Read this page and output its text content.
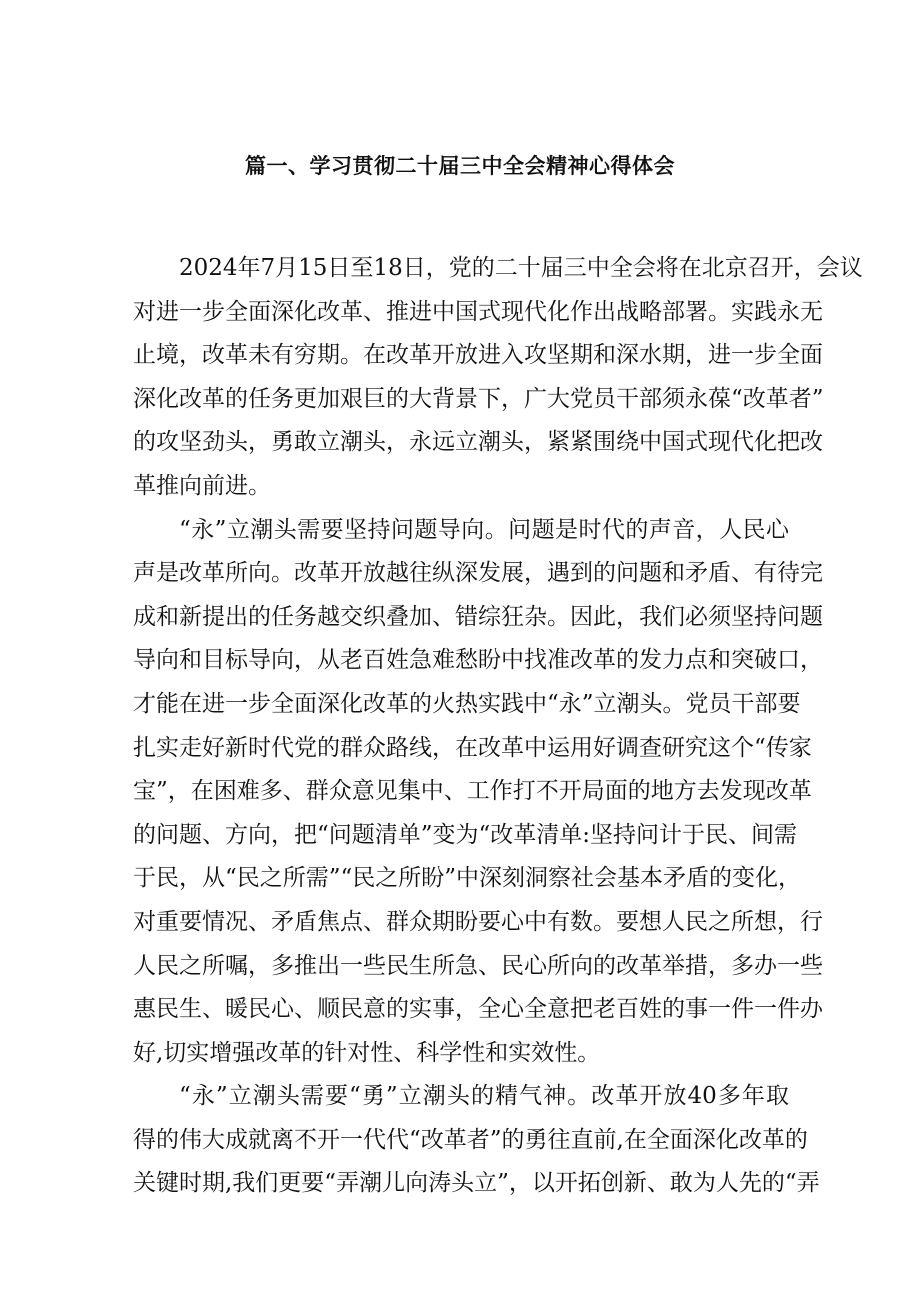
篇一、学习贯彻二十届三中全会精神心得体会
2024年7月15日至18日，党的二十届三中全会将在北京召开，会议
对进一步全面深化改革、推进中国式现代化作出战略部署。实践永无
止境，改革未有穷期。在改革开放进入攻坚期和深水期，进一步全面
深化改革的任务更加艰巨的大背景下，广大党员干部须永葆“改革者”
的攻坚劲头，勇敢立潮头，永远立潮头，紧紧围绕中国式现代化把改
革推向前进。
“永”立潮头需要坚持问题导向。问题是时代的声音，人民心
声是改革所向。改革开放越往纵深发展，遇到的问题和矛盾、有待完
成和新提出的任务越交织叠加、错综狂杂。因此，我们必须坚持问题
导向和目标导向，从老百姓急难愁盼中找准改革的发力点和突破口，
才能在进一步全面深化改革的火热实践中“永”立潮头。党员干部要
扎实走好新时代党的群众路线，在改革中运用好调查研究这个“传家
宝”，在困难多、群众意见集中、工作打不开局面的地方去发现改革
的问题、方向，把“问题清单”变为“改革清单:坚持问计于民、间需
于民，从“民之所需”“民之所盼”中深刻洞察社会基本矛盾的变化，
对重要情况、矛盾焦点、群众期盼要心中有数。要想人民之所想，行
人民之所嘱，多推出一些民生所急、民心所向的改革举措，多办一些
惠民生、暖民心、顺民意的实事，全心全意把老百姓的事一件一件办
好,切实增强改革的针对性、科学性和实效性。
“永”立潮头需要“勇”立潮头的精气神。改革开放40多年取
得的伟大成就离不开一代代“改革者”的勇往直前,在全面深化改革的
关键时期,我们更要“弄潮儿向涛头立”，以开拓创新、敢为人先的“弄
